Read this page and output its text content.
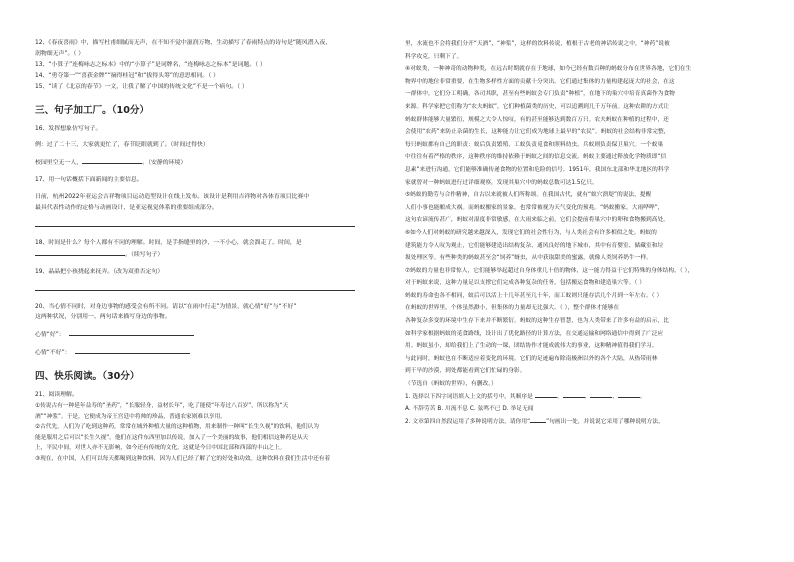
12、《春夜喜雨》中，描写杜甫细腻而无声，在不知不觉中滋润万物，生动描写了春雨特点的诗句是“随风潜入夜，

润物细无声”。（ ）

13、“小算子”连梅咏志之标本》中的“小算子”是词牌名，“连梅咏志之标本”是词题。（ ）

14、“勇夺第一”“喜获金牌”“摘得桂冠”和“拔得头筹”的意思相同。（ ）

15、“读了《北京的春节》一文，让我了解了中国的传统文化”不是一个病句。（ ）

三、句子加工厂。（10分）

16、发挥想象仿写句子。

例：过了二十三，大家就更忙了，春节眨眼就到了。（时间过得快）

校园里空无一人，	。（安静的环境）

17、用一句话概括下面新闻的主要信息。

日前，杭州2022年亚运会吉祥物项目运动造型设计在线上发布。该设计是利用吉祥物对各体育项目比赛中

最具代表性动作的定格与动画设计，是亚运视觉体系的重要组成部分。

18、时间是什么？每个人都有不同的理解。时间，是手指缝里的沙，一不小心，就会溜走了。时间，是

。（续写句子）

19、晶晶把小孩挠起来抚弄。（改为双重否定句）

20、当心情不同时，对身边事物的感受会有所不同。请以“在雨中行走”为情景，就心情“好”与“不好”

这两种状况，分别用一、两句话来描写身边的事物。

心情“好”：

心情“不好”：

四、快乐阅读。（30分）

21、阅读理解。

①传说古有一种延年益寿的“圣药”，“长服轻身，益材长年”，吃了能使“年寿过八百岁”，所以称为“天

酒”“神浆”。于是，它便成为帝王宫廷中将帅的珍品，普通农家则难以享用。

②古代先，人们为了吃到这种药，常常在城外种植大量的这种植物，用来制作一种叫“长生久视”的饮料，他们认为

能是服用之后可以“长生久视”。他们在这件东西里加以传说，加入了一个美丽的故事，他们相信这种药是从天

上，平民中间，对世人亦不无影响，如今还有传统的文化，这就是今日中国北部和西部的丰山之上。

③现在，在中国，人们可以每天都喝到这种饮料，因为人们已经了解了它的好处和功效。这种饮料在我们生活中还有着

里，水流也不会将我们分开“天酒”、“神浆”，这样的饮料传说，植根于古老的神话传说之中，“神药”说被

科学攻克，只剩下了。

④对蚁类，一种神奇的动物种类，在远古时期就存在于地球，如今已经有数百种的蚂蚁分布在世界各地，它们在生

物界中的地位非常重要，在生物多样性方面的贡献十分突出。它们通过集体的力量构建起庞大的社会，在这

一群体中，它们分工明确，各司其职，甚至有些蚂蚁会专门负责“种植”，在地下的巢穴中培育真菌作为食物

来源。科学家把它们称为“农夫蚂蚁”，它们种植菌类的历史，可以追溯到几千万年前。这种农耕的方式让

蚂蚁群体能够大量繁衍，规模之大令人惊叹，有的甚至能够达到数百万只。农夫蚂蚁在种植的过程中，还

会使用“农药”来防止杂菌的生长，这种能力让它们成为地球上最早的“农民”。蚂蚁的社会结构非常完整，

每只蚂蚁都有自己的职责：蚁后负责繁殖，工蚁负责觅食和照料幼虫，兵蚁则负责保卫巢穴。一个蚁巢

中往往有着严格的秩序，这种秩序的维持依赖于蚂蚁之间的信息交流。蚂蚁主要通过释放化学物质即“信

息素”来进行沟通，它们能够准确传递食物的位置和危险的信号。1951年，我国东北部和华北地区的科学

家就曾对一种蚂蚁进行过详细观察，发现其巢穴中的蚂蚁总数可达1.5亿只。

⑤蚂蚁的勤劳与合作精神，自古以来就被人们所称颂。在我国古代，就有“蚁穴溃堤”的说法，提醒

人们小事也能酿成大祸。而蚂蚁搬家的景象，也常常被视为天气变化的预兆。“蚂蚁搬家，大雨哗哗”，

这句农谚流传甚广，蚂蚁对湿度非常敏感，在大雨来临之前，它们会提前将巢穴中的卵和食物搬到高处。

⑥如今人们对蚂蚁的研究越来越深入，发现它们的社会性行为，与人类社会有许多相似之处。蚂蚁的

建筑能力令人叹为观止，它们能够建造出结构复杂、通风良好的地下城市，其中有育婴室、储藏室和垃

圾处理区等。有些种类的蚂蚁甚至会“饲养”蚜虫，从中获取甜美的蜜露，就像人类饲养奶牛一样。

⑦蚂蚁的力量也非常惊人，它们能够举起超过自身体重几十倍的物体，这一能力得益于它们特殊的身体结构。（ ），

对于蚂蚁来说，这种力量足以支撑它们完成各种复杂的任务，包括搬运食物和建造巢穴等。（ ）

蚂蚁的寿命也各不相同，蚁后可以活上十几年甚至几十年，而工蚁则只能存活几个月到一年左右。（ ）

在蚂蚁的世界里，个体虽然渺小，但集体的力量却无比强大。（ ），整个群体才能够在

各种复杂多变的环境中生存下来并不断繁衍。蚂蚁的这种生存智慧，也为人类带来了许多有益的启示，比

如科学家根据蚂蚁的觅食路线，设计出了优化路径的计算方法，在交通运输和网络通信中得到了广泛应

用。蚂蚁虽小，却给我们上了生动的一课，团结协作才能成就伟大的事业，这种精神值得我们学习。

与此同时，蚂蚁也在不断适应着变化的环境。它们的足迹遍布除南极洲以外的各个大陆，从热带雨林

到干旱的沙漠，到处都能看到它们忙碌的身影。

（节选自《蚂蚁的世界》，有删改。）

1. 选择以下四字词语填入上文的括号中，其顺序是	、	、	、	。

A. 不辞劳苦 B. 川流不息 C. 弦鸣不已 D. 举足无闻

2. 文章第四自然段运用了多种说明方法，请你用“	”句画出一处，并说说它采用了哪种说明方法，
